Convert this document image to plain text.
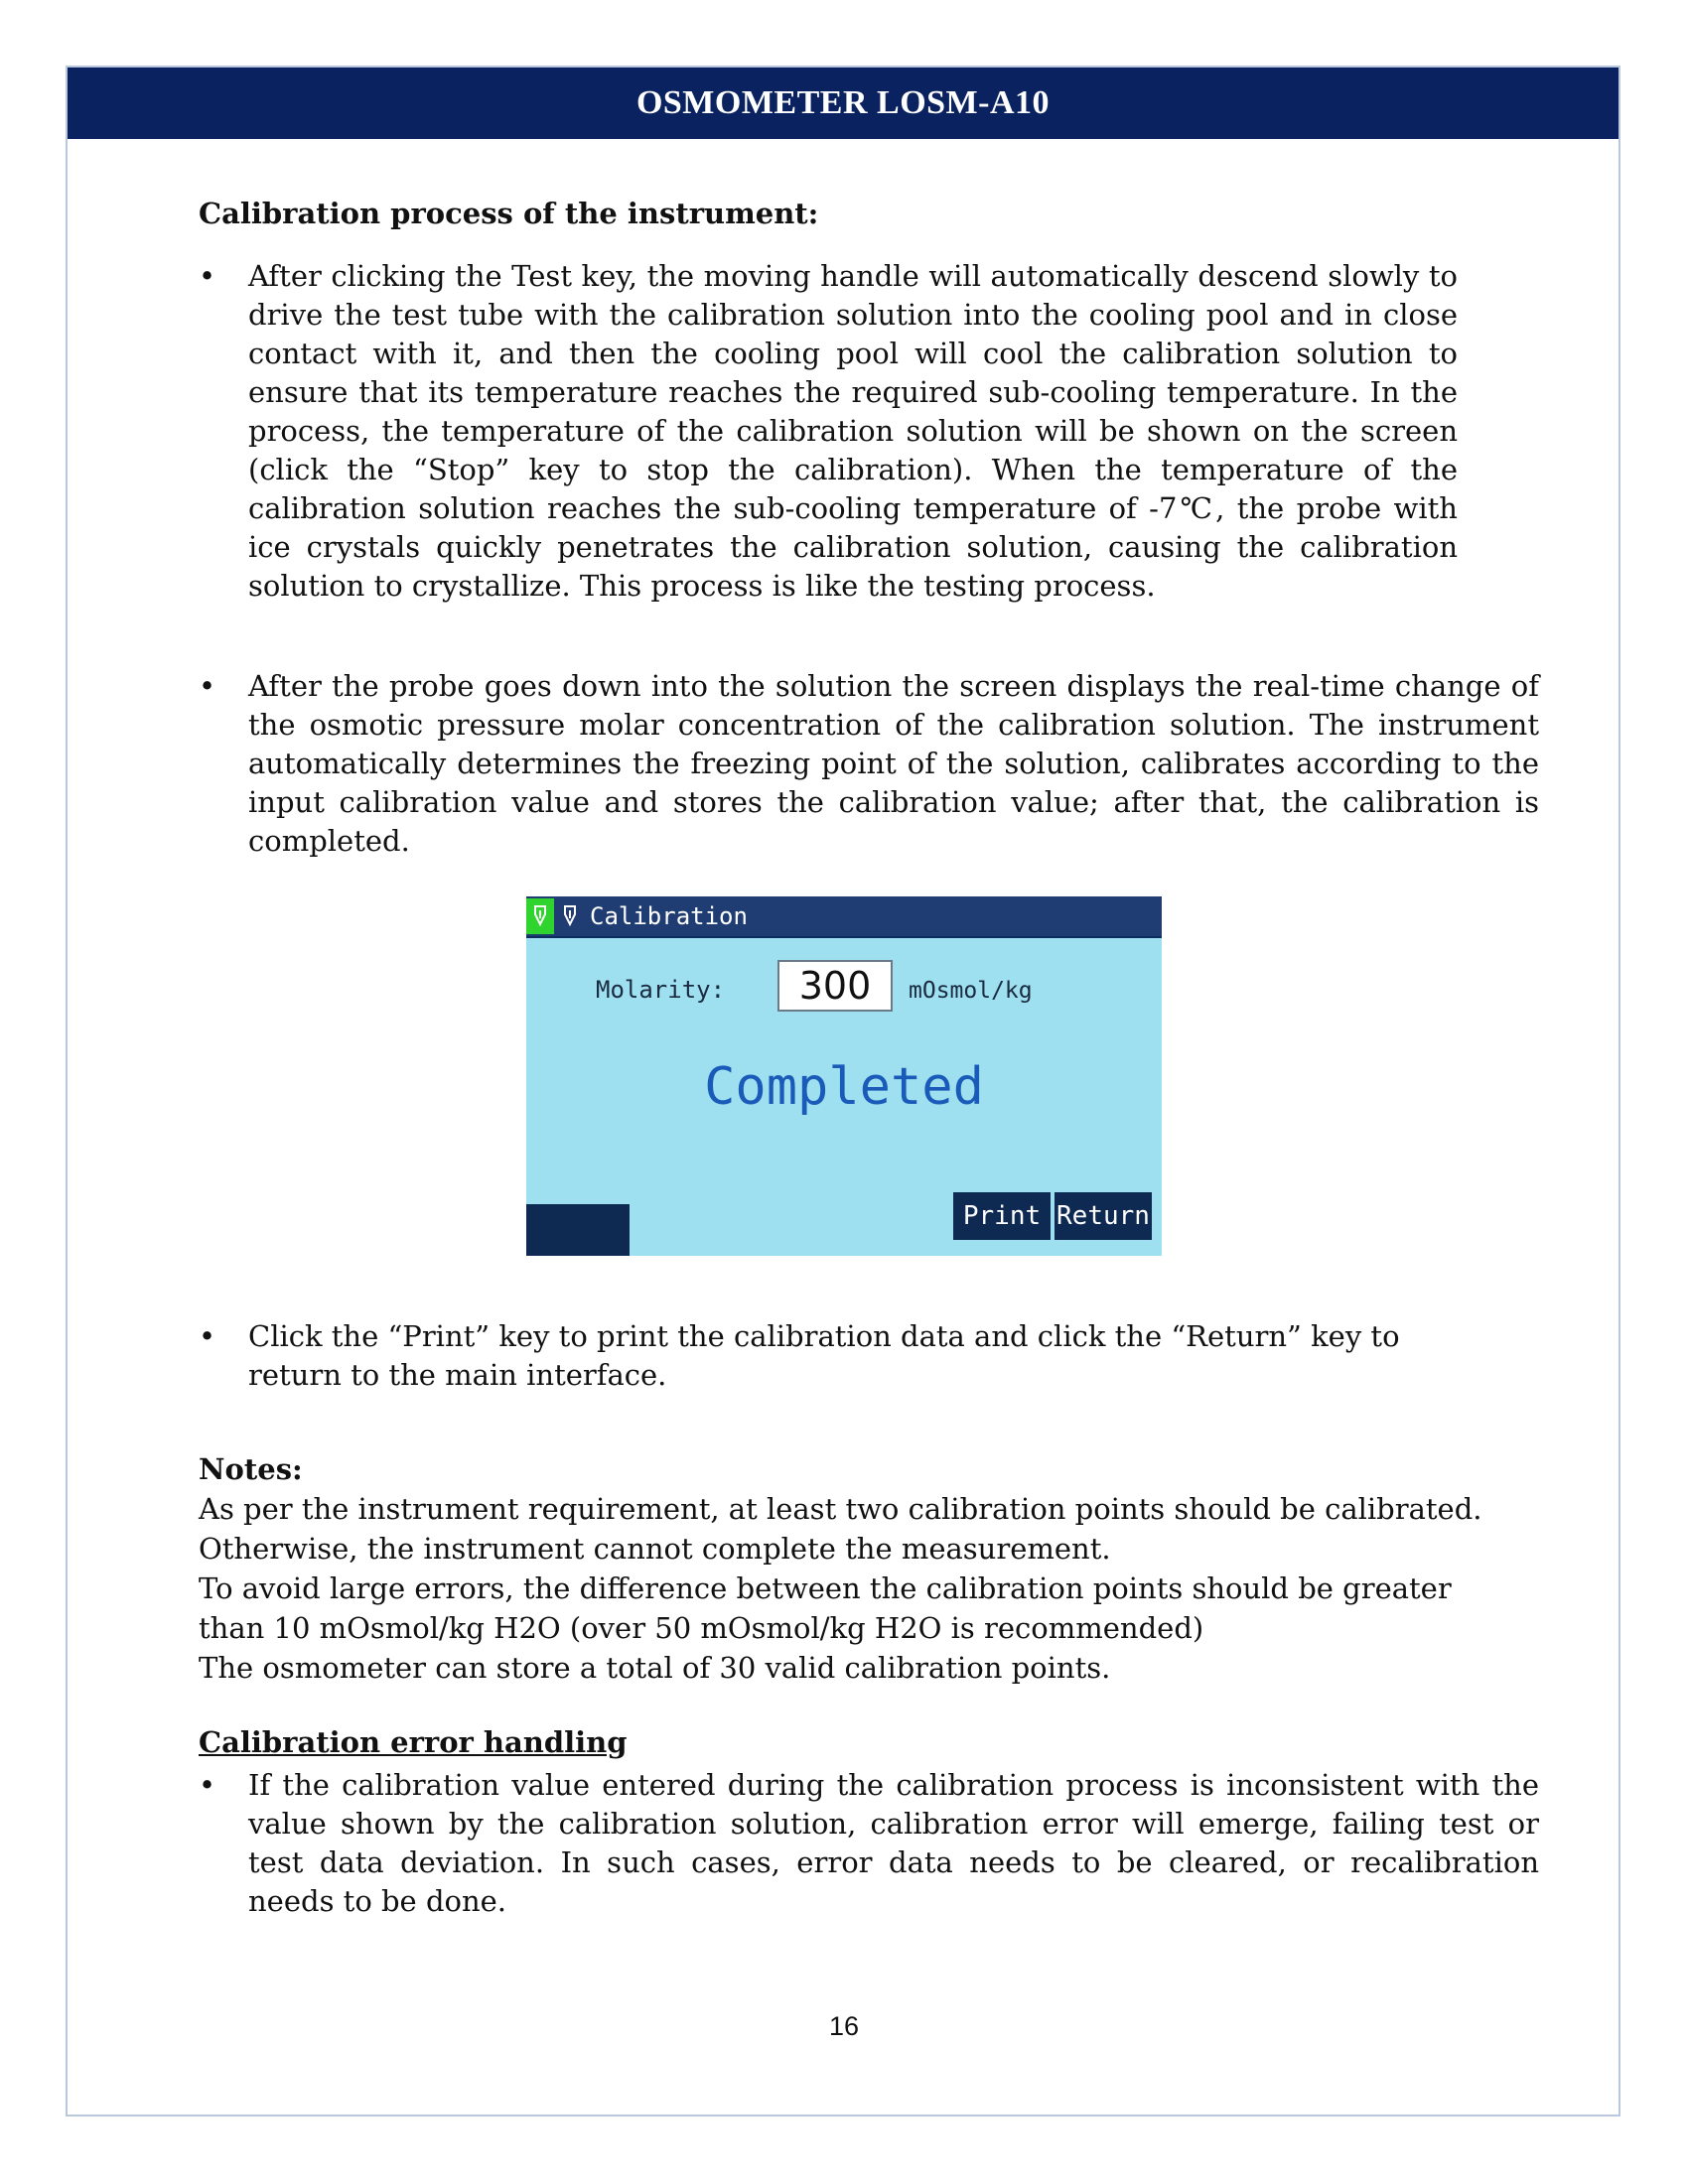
OSMOMETER LOSM-A10

Calibration process of the instrument:

• After clicking the Test key, the moving handle will automatically descend slowly to drive the test tube with the calibration solution into the cooling pool and in close contact with it, and then the cooling pool will cool the calibration solution to ensure that its temperature reaches the required sub-cooling temperature. In the process, the temperature of the calibration solution will be shown on the screen (click the “Stop” key to stop the calibration). When the temperature of the calibration solution reaches the sub-cooling temperature of -7℃, the probe with ice crystals quickly penetrates the calibration solution, causing the calibration solution to crystallize. This process is like the testing process.
• After the probe goes down into the solution the screen displays the real-time change of the osmotic pressure molar concentration of the calibration solution. The instrument automatically determines the freezing point of the solution, calibrates according to the input calibration value and stores the calibration value; after that, the calibration is completed.
Calibration
Molarity: 300 mOsmol/kg
Completed
Print Return
• Click the “Print” key to print the calibration data and click the “Return” key to return to the main interface.

Notes:

As per the instrument requirement, at least two calibration points should be calibrated.

Otherwise, the instrument cannot complete the measurement.

To avoid large errors, the difference between the calibration points should be greater

than 10 mOsmol/kg H2O (over 50 mOsmol/kg H2O is recommended)

The osmometer can store a total of 30 valid calibration points.

Calibration error handling

• If the calibration value entered during the calibration process is inconsistent with the value shown by the calibration solution, calibration error will emerge, failing test or test data deviation. In such cases, error data needs to be cleared, or recalibration needs to be done.
16
